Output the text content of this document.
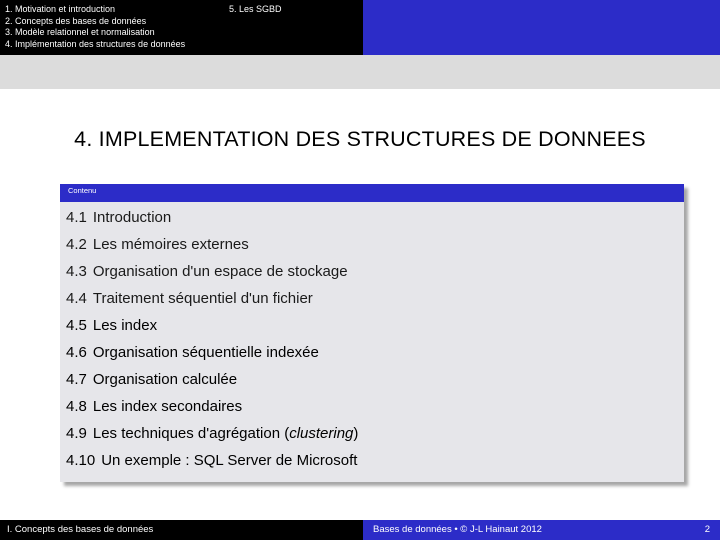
1. Motivation et introduction
2. Concepts des bases de données
3. Modèle relationnel et normalisation
4. Implémentation des structures de données
5. Les SGBD
4. IMPLEMENTATION DES STRUCTURES DE DONNEES
Contenu
4.1 Introduction
4.2 Les mémoires externes
4.3 Organisation d'un espace de stockage
4.4 Traitement séquentiel d'un fichier
4.5 Les index
4.6 Organisation séquentielle indexée
4.7 Organisation calculée
4.8 Les index secondaires
4.9 Les techniques d'agrégation (clustering)
4.10 Un exemple : SQL Server de Microsoft
I. Concepts des bases de données	Bases de données • © J-L Hainaut 2012	2
